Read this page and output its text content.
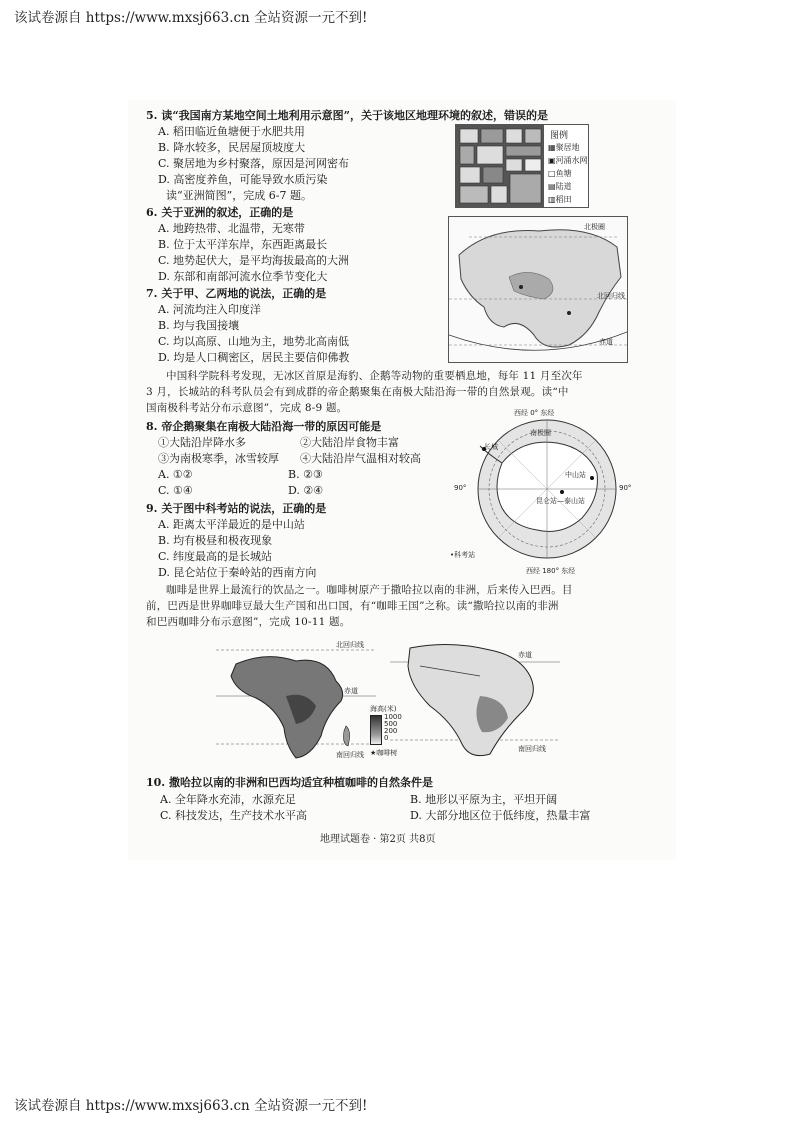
该试卷源自 https://www.mxsj663.cn 全站资源一元不到!
5. 读“我国南方某地空间土地利用示意图”，关于该地区地理环境的叙述，错误的是
A. 稻田临近鱼塘便于水肥共用
B. 降水较多，民居屋顶坡度大
C. 聚居地为乡村聚落，原因是河网密布
D. 高密度养鱼，可能导致水质污染
读“亚洲简图”，完成 6-7 题。
图例
▦聚居地
▣河涌水网
□鱼塘
▤陆道
▥稻田
6. 关于亚洲的叙述，正确的是
A. 地跨热带、北温带，无寒带
B. 位于太平洋东岸，东西距离最长
C. 地势起伏大，是平均海拔最高的大洲
D. 东部和南部河流水位季节变化大
7. 关于甲、乙两地的说法，正确的是
A. 河流均注入印度洋
B. 均与我国接壤
C. 均以高原、山地为主，地势北高南低
D. 均是人口稠密区，居民主要信仰佛教
北极圈
北回归线
赤道
中国科学院科考发现，无冰区首原是海豹、企鹅等动物的重要栖息地，每年 11 月至次年
3 月，长城站的科考队员会有到成群的帝企鹅聚集在南极大陆沿海一带的自然景观。读“中
国南极科考站分布示意图”，完成 8-9 题。
8. 帝企鹅聚集在南极大陆沿海一带的原因可能是
①大陆沿岸降水多	②大陆沿岸食物丰富
③为南极寒季，冰雪较厚 ④大陆沿岸气温相对较高
A. ①②	B. ②③
C. ①④	D. ②④
9. 关于图中科考站的说法，正确的是
A. 距离太平洋最近的是中山站
B. 均有极昼和极夜现象
C. 纬度最高的是长城站
D. 昆仑站位于秦岭站的西南方向
西经 0° 东经
南极圈
长城
中山站
昆仑站—泰山站
90°	90°
•科考站
西经 180° 东经
咖啡是世界上最流行的饮品之一。咖啡树原产于撒哈拉以南的非洲，后来传入巴西。目
前，巴西是世界咖啡豆最大生产国和出口国，有“咖啡王国”之称。读“撒哈拉以南的非洲
和巴西咖啡分布示意图”，完成 10-11 题。
北回归线
赤道
南回归线
赤道
南回归线
海高(米)
1000
500
200
0
★咖啡树
10. 撒哈拉以南的非洲和巴西均适宜种植咖啡的自然条件是
A. 全年降水充沛，水源充足	B. 地形以平原为主，平坦开阔
C. 科技发达，生产技术水平高	D. 大部分地区位于低纬度，热量丰富
地理试题卷 · 第2页 共8页
该试卷源自 https://www.mxsj663.cn 全站资源一元不到!
